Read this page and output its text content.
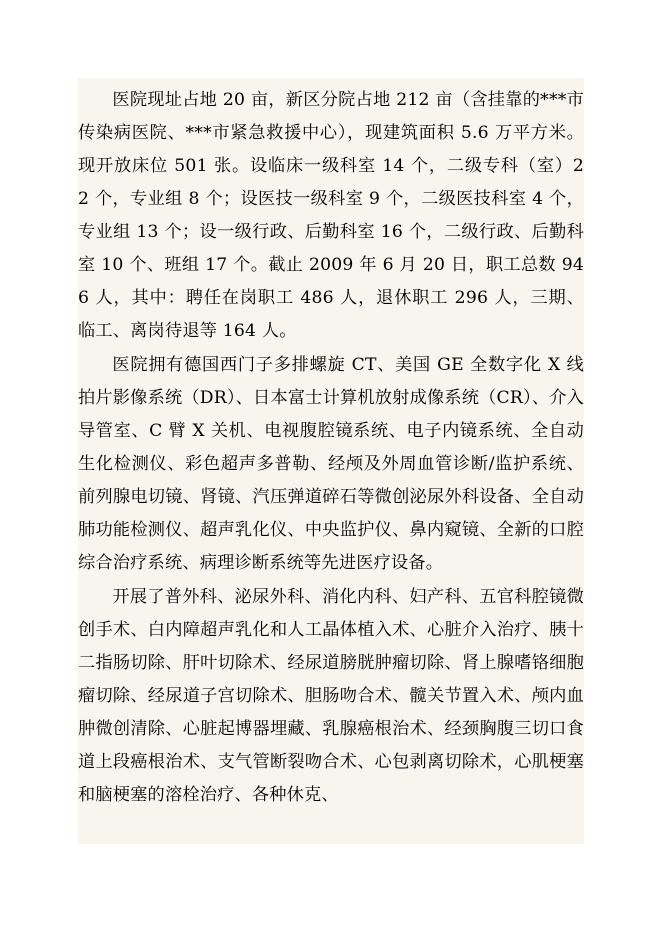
医院现址占地 20 亩，新区分院占地 212 亩（含挂靠的***市传染病医院、***市紧急救援中心），现建筑面积 5.6 万平方米。现开放床位 501 张。设临床一级科室 14 个，二级专科（室）2 2 个，专业组 8 个；设医技一级科室 9 个，二级医技科室 4 个，专业组 13 个；设一级行政、后勤科室 16 个，二级行政、后勤科室 10 个、班组 17 个。截止 2009 年 6 月 20 日，职工总数 946 人，其中：聘任在岗职工 486 人，退休职工 296 人，三期、临工、离岗待退等 164 人。

医院拥有德国西门子多排螺旋 CT、美国 GE 全数字化 X 线拍片影像系统（DR）、日本富士计算机放射成像系统（CR）、介入导管室、C 臂 X 关机、电视腹腔镜系统、电子内镜系统、全自动生化检测仪、彩色超声多普勒、经颅及外周血管诊断/监护系统、前列腺电切镜、肾镜、汽压弹道碎石等微创泌尿外科设备、全自动肺功能检测仪、超声乳化仪、中央监护仪、鼻内窥镜、全新的口腔综合治疗系统、病理诊断系统等先进医疗设备。

开展了普外科、泌尿外科、消化内科、妇产科、五官科腔镜微创手术、白内障超声乳化和人工晶体植入术、心脏介入治疗、胰十二指肠切除、肝叶切除术、经尿道膀胱肿瘤切除、肾上腺嗜铬细胞瘤切除、经尿道子宫切除术、胆肠吻合术、髋关节置入术、颅内血肿微创清除、心脏起博器埋藏、乳腺癌根治术、经颈胸腹三切口食道上段癌根治术、支气管断裂吻合术、心包剥离切除术，心肌梗塞和脑梗塞的溶栓治疗、各种休克、
